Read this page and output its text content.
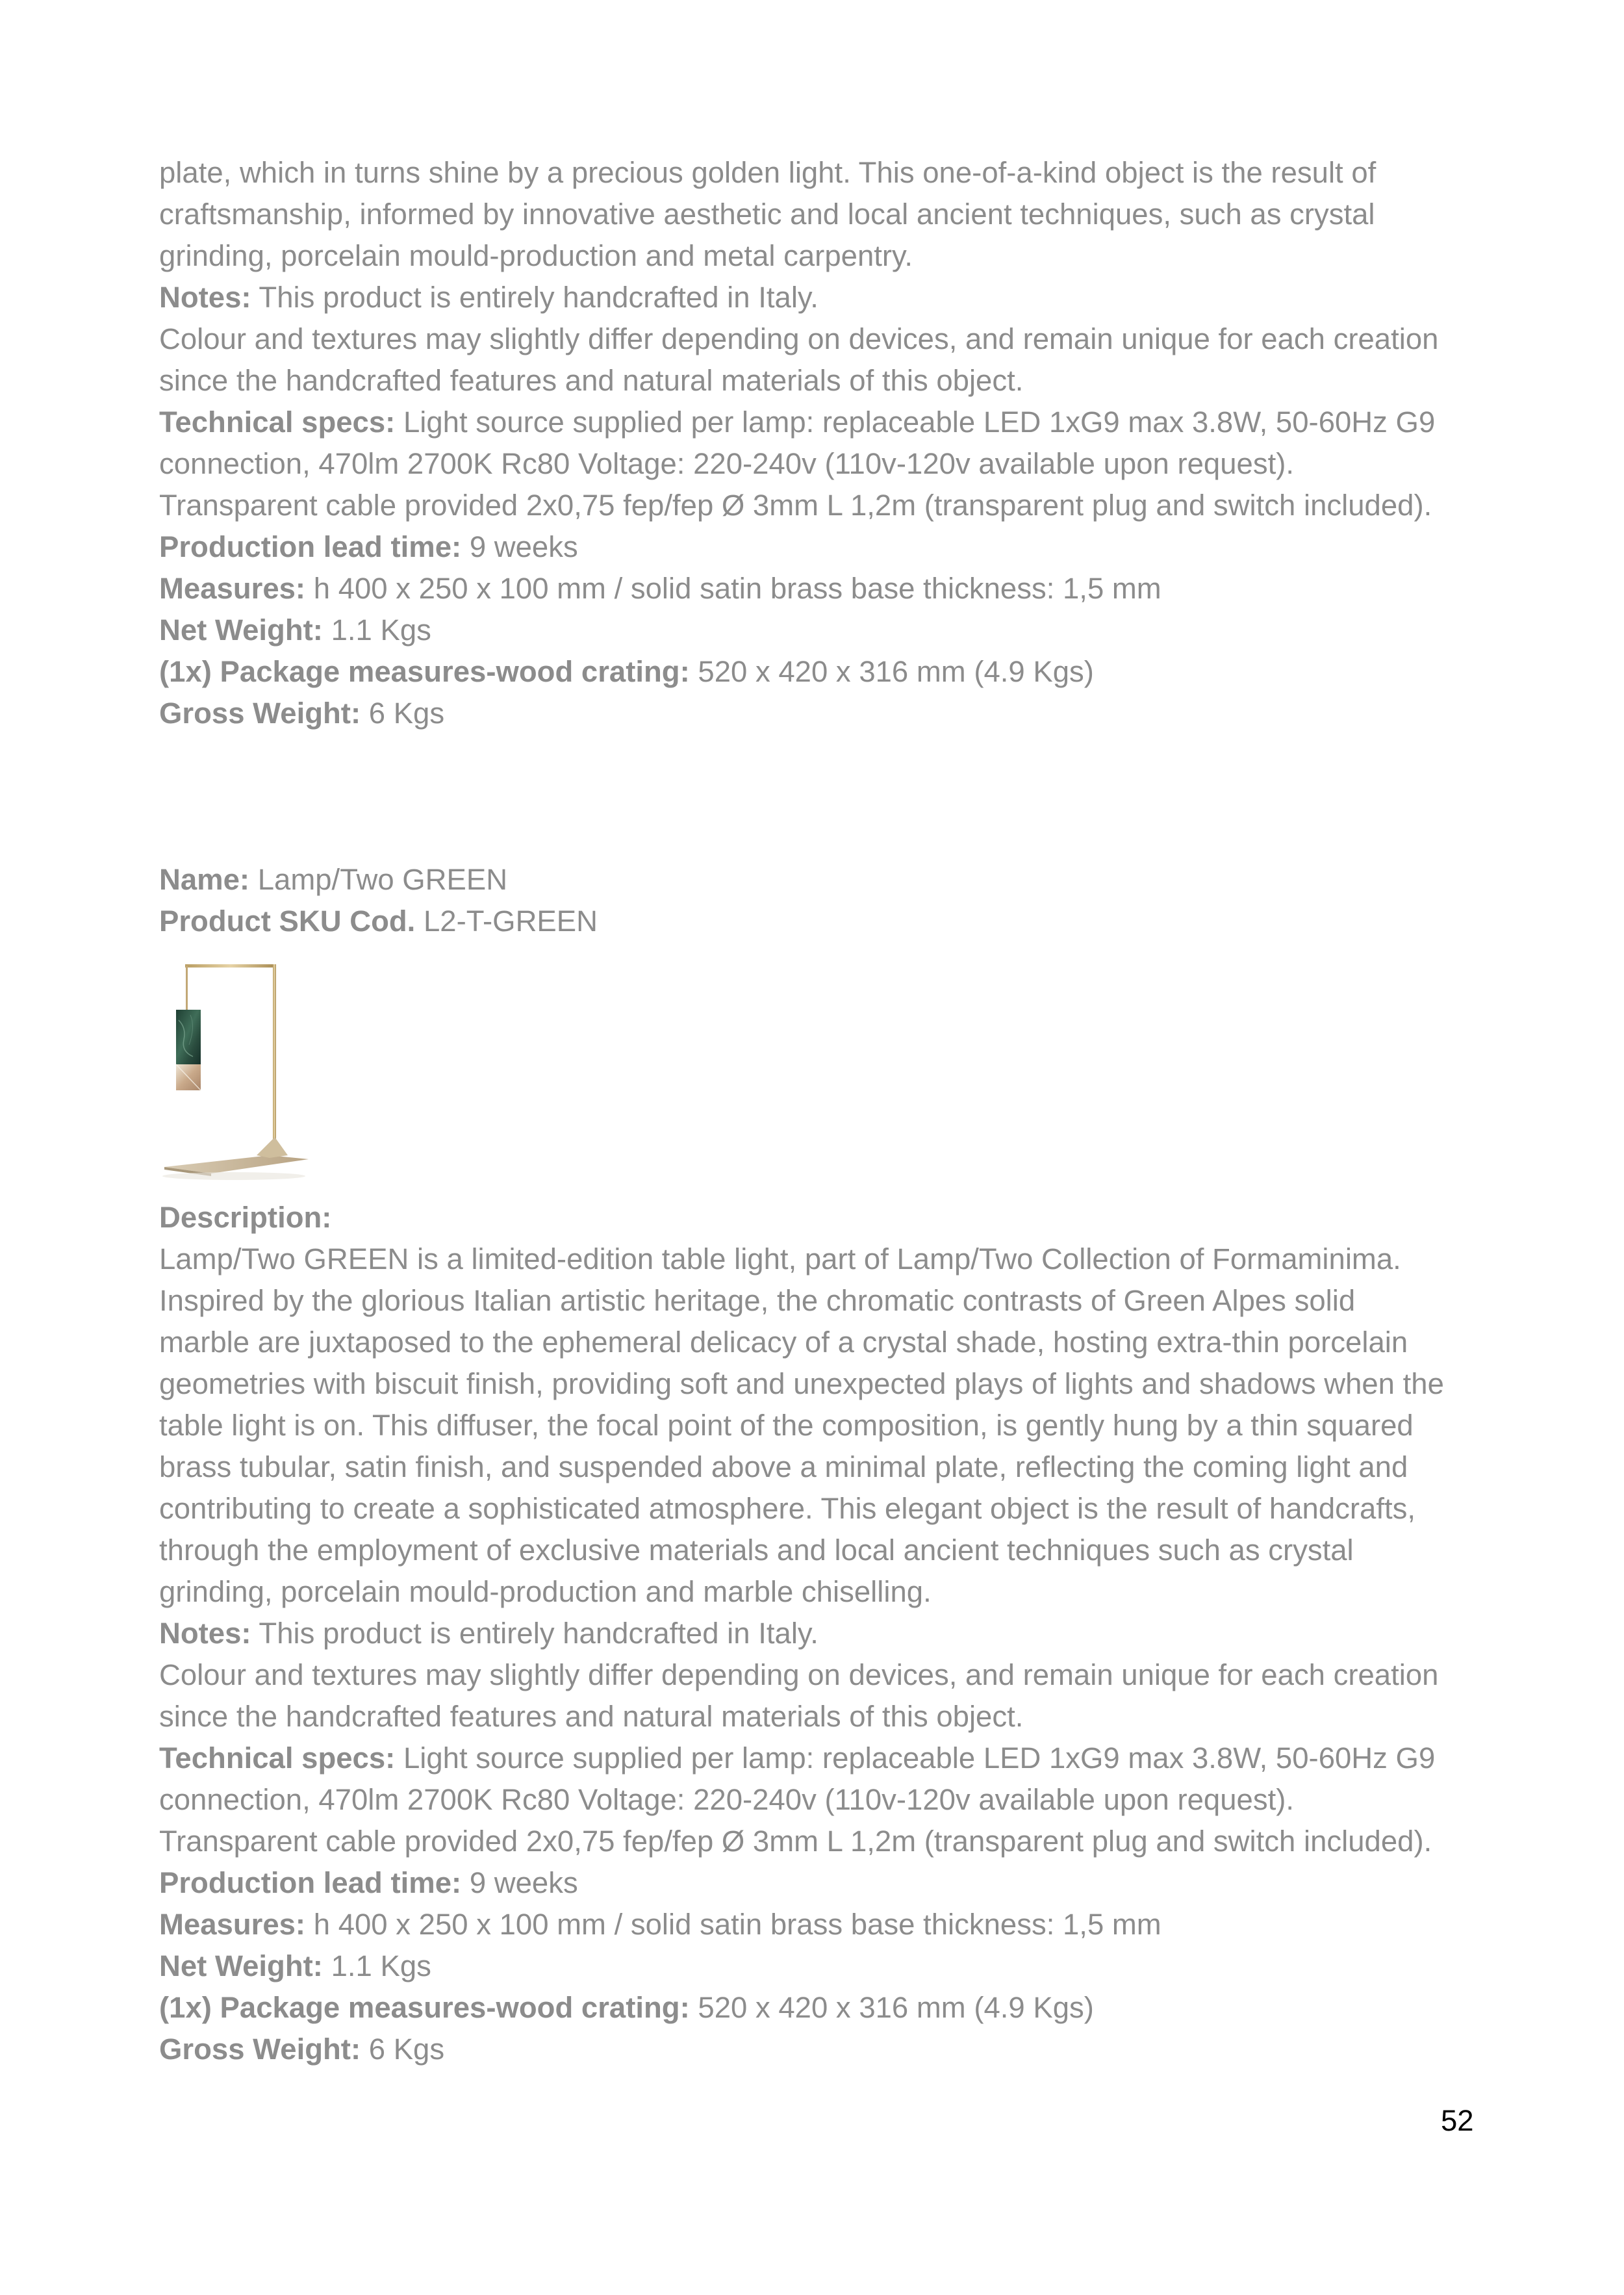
plate, which in turns shine by a precious golden light. This one-of-a-kind object is the result of
craftsmanship, informed by innovative aesthetic and local ancient techniques, such as crystal
grinding, porcelain mould-production and metal carpentry.
Notes: This product is entirely handcrafted in Italy.
Colour and textures may slightly differ depending on devices, and remain unique for each creation
since the handcrafted features and natural materials of this object.
Technical specs: Light source supplied per lamp: replaceable LED 1xG9 max 3.8W, 50-60Hz G9
connection, 470lm 2700K Rc80 Voltage: 220-240v (110v-120v available upon request).
Transparent cable provided 2x0,75 fep/fep Ø 3mm L 1,2m (transparent plug and switch included).
Production lead time: 9 weeks
Measures: h 400 x 250 x 100 mm / solid satin brass base thickness: 1,5 mm
Net Weight: 1.1 Kgs
(1x) Package measures-wood crating: 520 x 420 x 316 mm (4.9 Kgs)
Gross Weight: 6 Kgs
Name: Lamp/Two GREEN
Product SKU Cod. L2-T-GREEN
Description:
Lamp/Two GREEN is a limited-edition table light, part of Lamp/Two Collection of Formaminima.
Inspired by the glorious Italian artistic heritage, the chromatic contrasts of Green Alpes solid
marble are juxtaposed to the ephemeral delicacy of a crystal shade, hosting extra-thin porcelain
geometries with biscuit finish, providing soft and unexpected plays of lights and shadows when the
table light is on. This diffuser, the focal point of the composition, is gently hung by a thin squared
brass tubular, satin finish, and suspended above a minimal plate, reflecting the coming light and
contributing to create a sophisticated atmosphere. This elegant object is the result of handcrafts,
through the employment of exclusive materials and local ancient techniques such as crystal
grinding, porcelain mould-production and marble chiselling.
Notes: This product is entirely handcrafted in Italy.
Colour and textures may slightly differ depending on devices, and remain unique for each creation
since the handcrafted features and natural materials of this object.
Technical specs: Light source supplied per lamp: replaceable LED 1xG9 max 3.8W, 50-60Hz G9
connection, 470lm 2700K Rc80 Voltage: 220-240v (110v-120v available upon request).
Transparent cable provided 2x0,75 fep/fep Ø 3mm L 1,2m (transparent plug and switch included).
Production lead time: 9 weeks
Measures: h 400 x 250 x 100 mm / solid satin brass base thickness: 1,5 mm
Net Weight: 1.1 Kgs
(1x) Package measures-wood crating: 520 x 420 x 316 mm (4.9 Kgs)
Gross Weight: 6 Kgs
52
